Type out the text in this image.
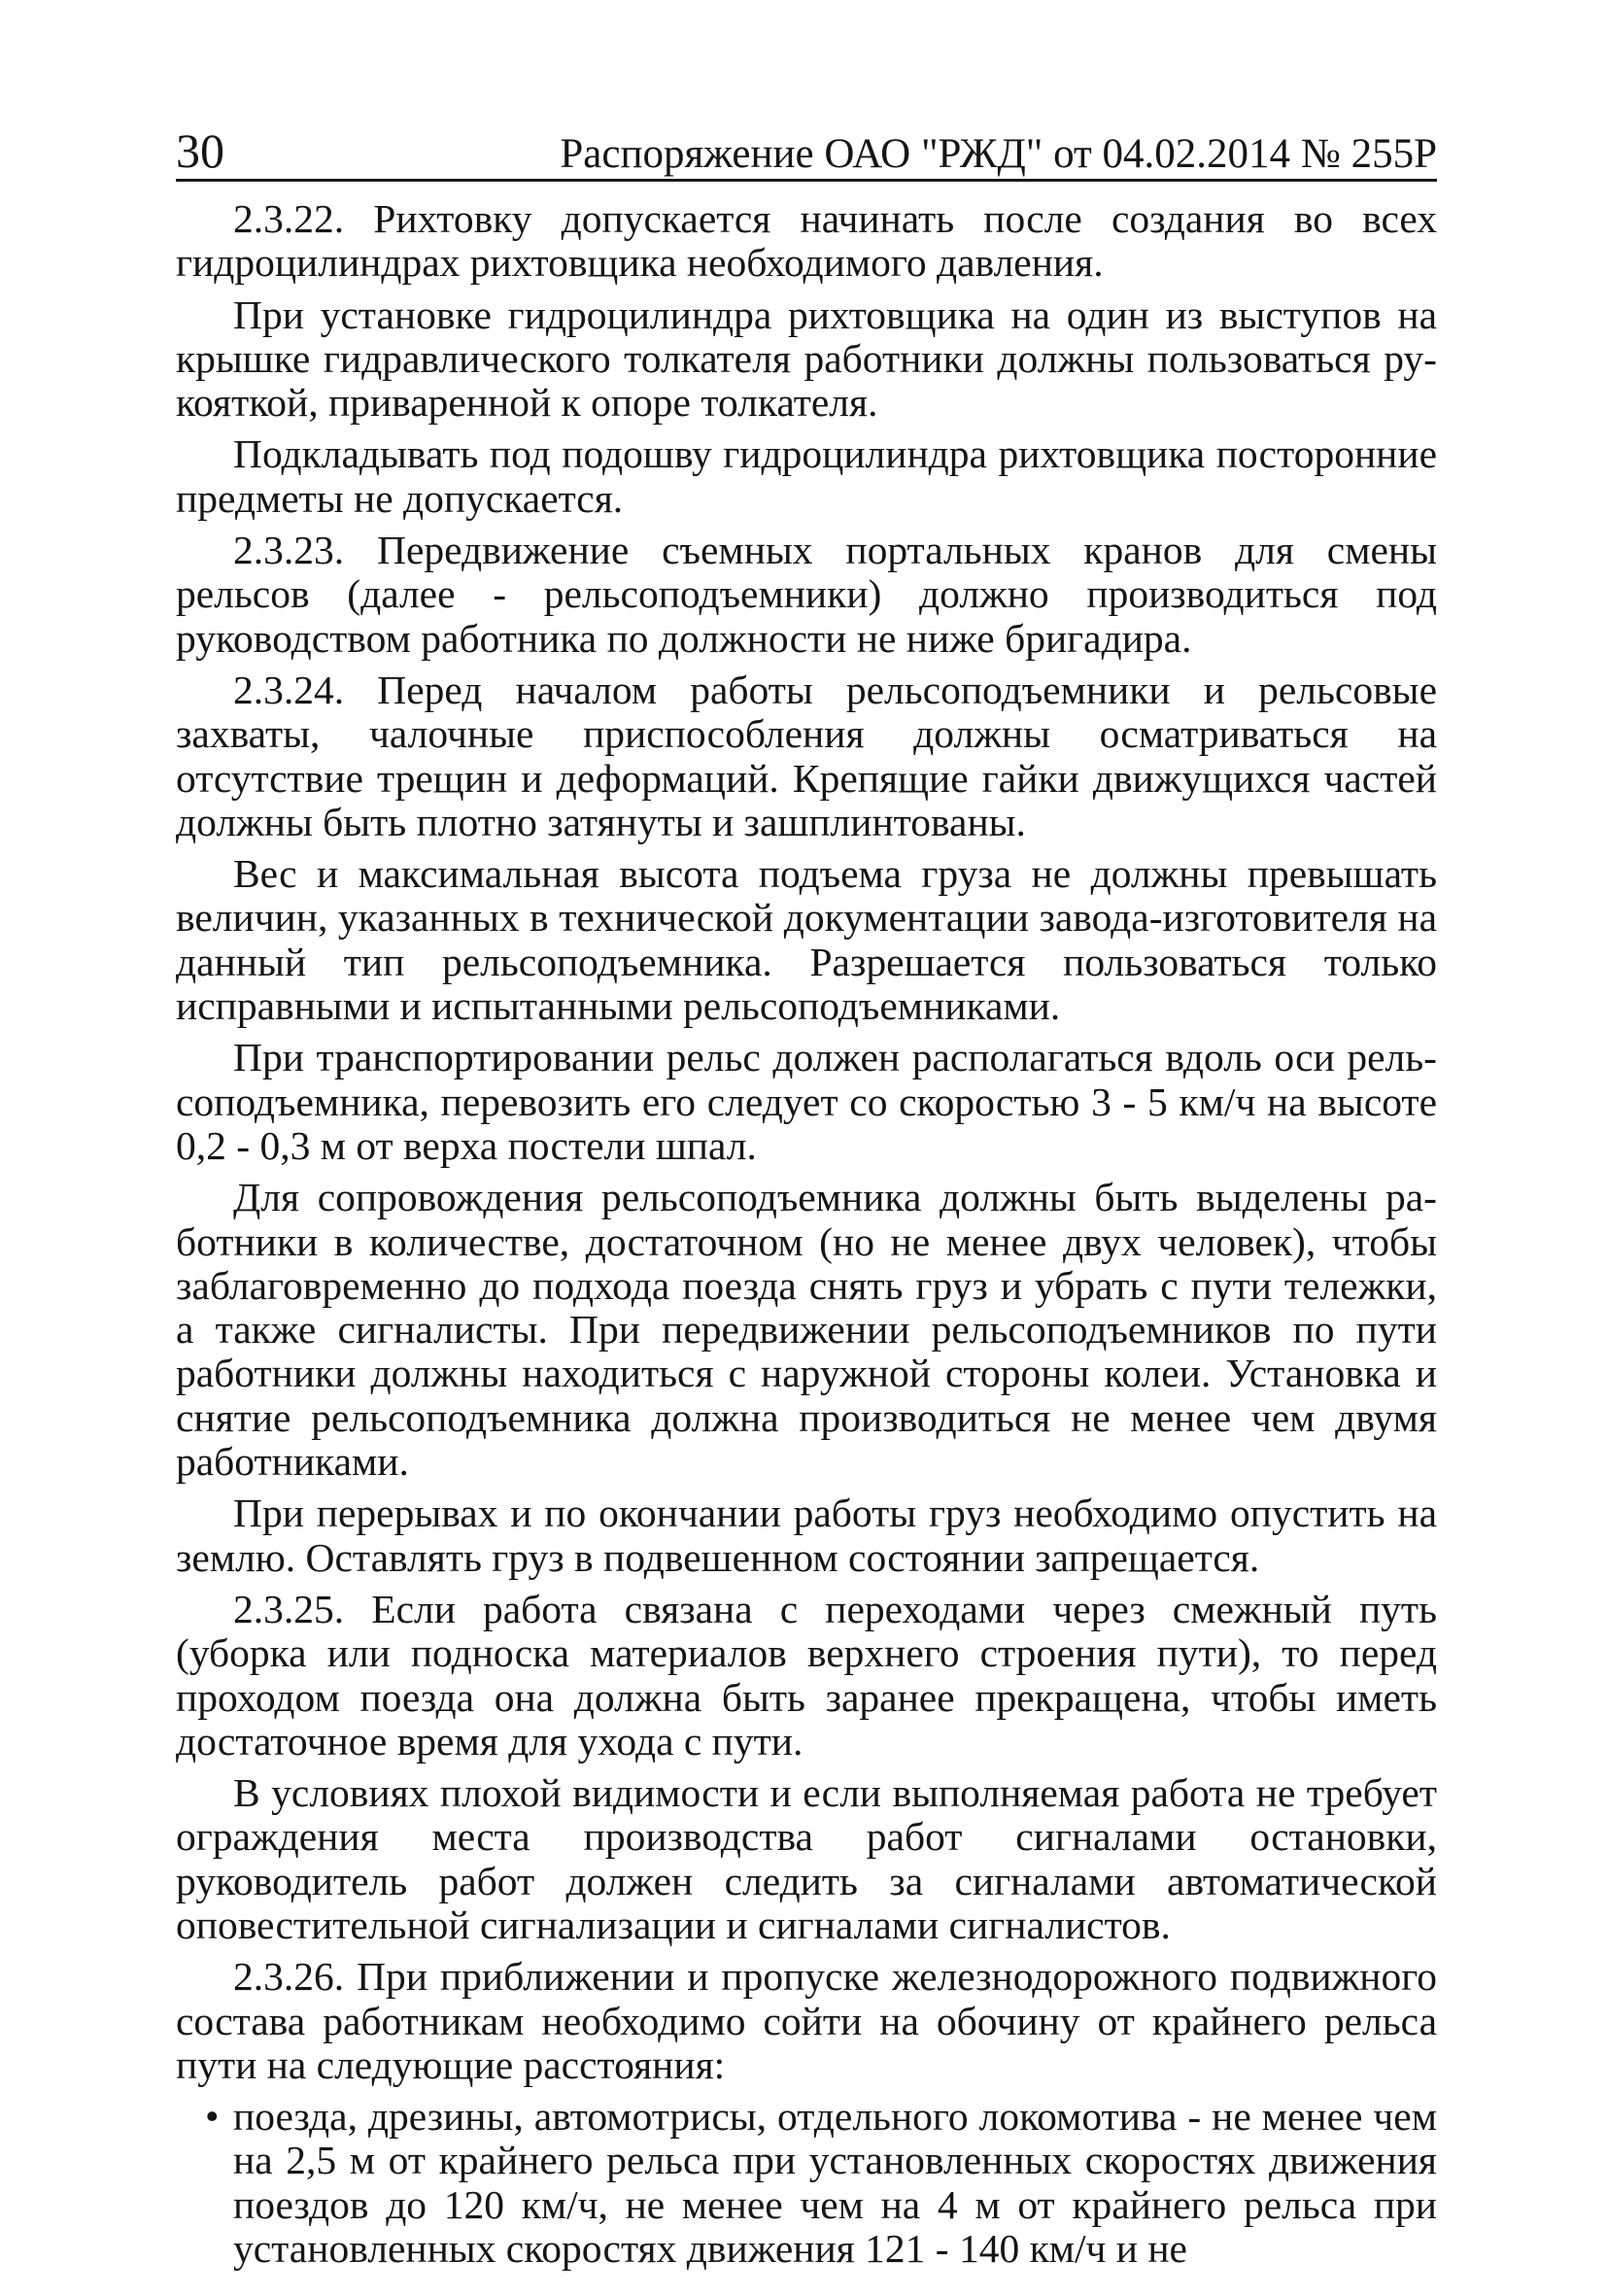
30	Распоряжение ОАО "РЖД" от 04.02.2014 № 255Р

2.3.22. Рихтовку допускается начинать после создания во всех гидроцилиндрах рихтовщика необходимого давления.

При установке гидроцилиндра рихтовщика на один из выступов на крышке гидравлического толкателя работники должны пользоваться рукояткой, приваренной к опоре толкателя.

Подкладывать под подошву гидроцилиндра рихтовщика посторонние предметы не допускается.

2.3.23. Передвижение съемных портальных кранов для смены рельсов (далее - рельсоподъемники) должно производиться под руководством работника по должности не ниже бригадира.

2.3.24. Перед началом работы рельсоподъемники и рельсовые захваты, чалочные приспособления должны осматриваться на отсутствие трещин и деформаций. Крепящие гайки движущихся частей должны быть плотно затянуты и зашплинтованы.

Вес и максимальная высота подъема груза не должны превышать величин, указанных в технической документации завода-изготовителя на данный тип рельсоподъемника. Разрешается пользоваться только исправными и испытанными рельсоподъемниками.

При транспортировании рельс должен располагаться вдоль оси рельсоподъемника, перевозить его следует со скоростью 3 - 5 км/ч на высоте 0,2 - 0,3 м от верха постели шпал.

Для сопровождения рельсоподъемника должны быть выделены работники в количестве, достаточном (но не менее двух человек), чтобы заблаговременно до подхода поезда снять груз и убрать с пути тележки, а также сигналисты. При передвижении рельсоподъемников по пути работники должны находиться с наружной стороны колеи. Установка и снятие рельсоподъемника должна производиться не менее чем двумя работниками.

При перерывах и по окончании работы груз необходимо опустить на землю. Оставлять груз в подвешенном состоянии запрещается.

2.3.25. Если работа связана с переходами через смежный путь (уборка или подноска материалов верхнего строения пути), то перед проходом поезда она должна быть заранее прекращена, чтобы иметь достаточное время для ухода с пути.

В условиях плохой видимости и если выполняемая работа не требует ограждения места производства работ сигналами остановки, руководитель работ должен следить за сигналами автоматической оповестительной сигнализации и сигналами сигналистов.

2.3.26. При приближении и пропуске железнодорожного подвижного состава работникам необходимо сойти на обочину от крайнего рельса пути на следующие расстояния:

• поезда, дрезины, автомотрисы, отдельного локомотива - не менее чем на 2,5 м от крайнего рельса при установленных скоростях движения поездов до 120 км/ч, не менее чем на 4 м от крайнего рельса при установленных скоростях движения 121 - 140 км/ч и не
